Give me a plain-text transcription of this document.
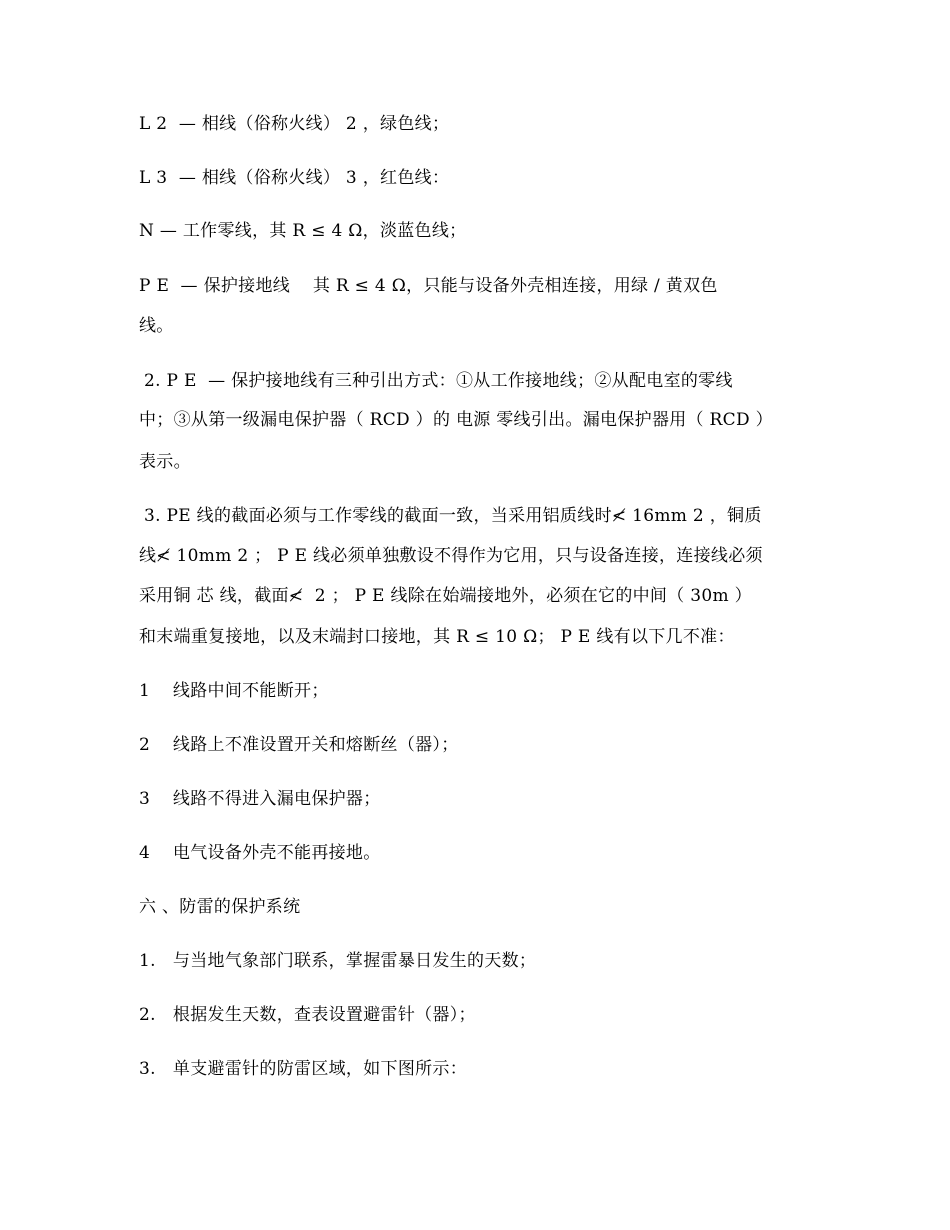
L 2  — 相线（俗称火线） 2 ，绿色线；
L 3  — 相线（俗称火线） 3 ，红色线：
N — 工作零线，其 R ≤ 4 Ω，淡蓝色线；
P E  — 保护接地线    其 R ≤ 4 Ω，只能与设备外壳相连接，用绿 / 黄双色
线。
2. P E  — 保护接地线有三种引出方式：①从工作接地线；②从配电室的零线
中；③从第一级漏电保护器（ RCD ）的 电源 零线引出。漏电保护器用（ RCD ）
表示。
3. PE 线的截面必须与工作零线的截面一致，当采用铝质线时≮ 16mm 2 ，铜质
线≮ 10mm 2 ； P E 线必须单独敷设不得作为它用，只与设备连接，连接线必须
采用铜 芯 线，截面≮  2 ； P E 线除在始端接地外，必须在它的中间（ 30m ）
和末端重复接地，以及末端封口接地，其 R ≤ 10 Ω； P E 线有以下几不准：
1    线路中间不能断开；
2    线路上不准设置开关和熔断丝（器）；
3    线路不得进入漏电保护器；
4    电气设备外壳不能再接地。
六 、防雷的保护系统
1.   与当地气象部门联系，掌握雷暴日发生的天数；
2.   根据发生天数，查表设置避雷针（器）；
3.   单支避雷针的防雷区域，如下图所示：
